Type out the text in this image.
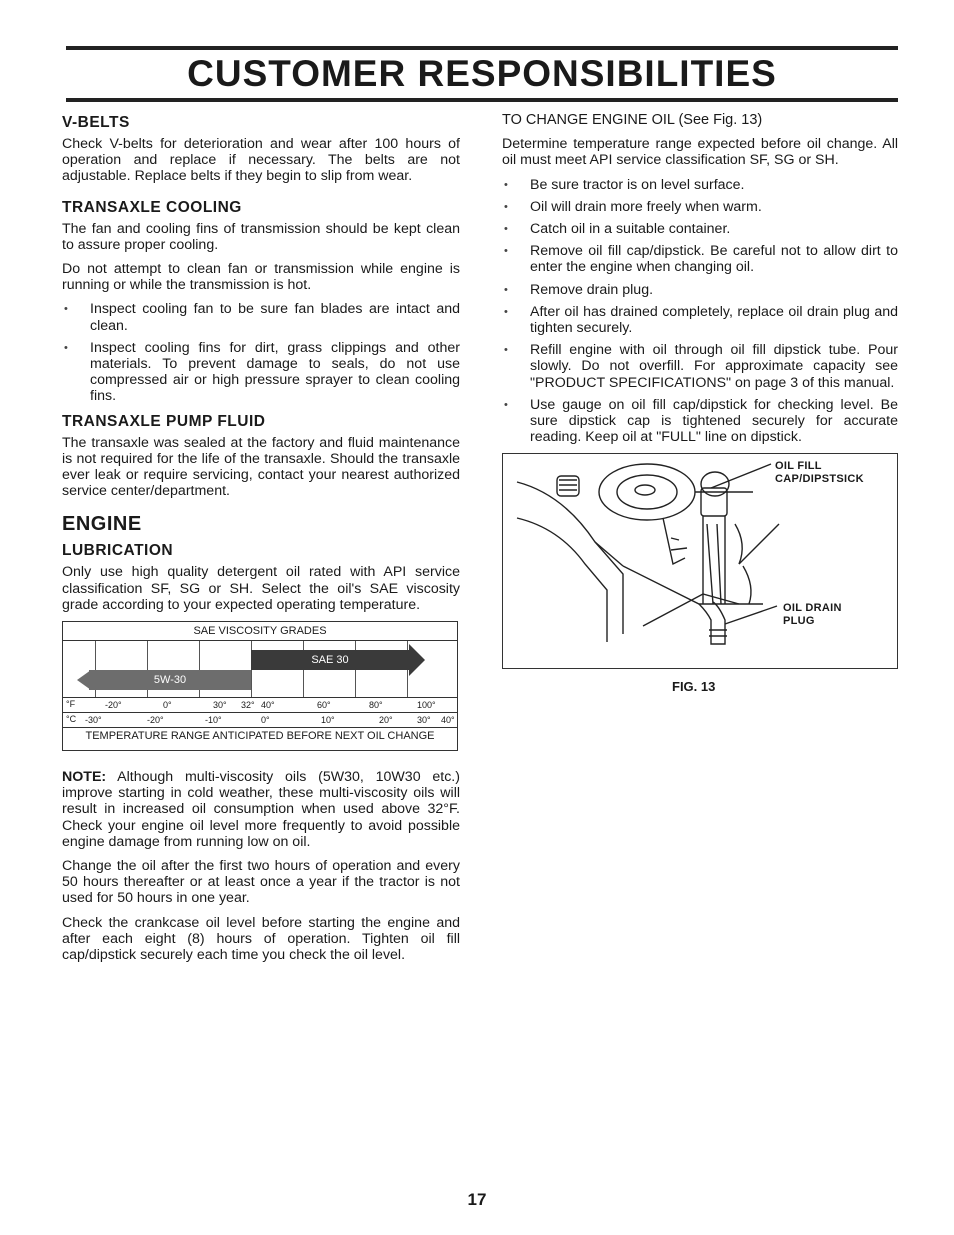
CUSTOMER RESPONSIBILITIES
V-BELTS

Check V-belts for deterioration and wear after 100 hours of operation and replace if necessary. The belts are not adjustable. Replace belts if they begin to slip from wear.

TRANSAXLE COOLING

The fan and cooling fins of transmission should be kept clean to assure proper cooling.

Do not attempt to clean fan or transmission while engine is running or while the transmission is hot.

• Inspect cooling fan to be sure fan blades are intact and clean.
• Inspect cooling fins for dirt, grass clippings and other materials. To prevent damage to seals, do not use compressed air or high pressure sprayer to clean cooling fins.
TRANSAXLE PUMP FLUID

The transaxle was sealed at the factory and fluid maintenance is not required for the life of the transaxle. Should the transaxle ever leak or require servicing, contact your nearest authorized service center/department.

ENGINE
LUBRICATION

Only use high quality detergent oil rated with API service classification SF, SG or SH. Select the oil's SAE viscosity grade according to your expected operating temperature.

SAE VISCOSITY GRADES
5W-30
SAE 30
°F	-20°	0°	30° 32° 40°	60°	80°	100°
°C -30°	-20°	-10°	0°	10°	20°	30° 40°
TEMPERATURE RANGE ANTICIPATED BEFORE NEXT OIL CHANGE

NOTE: Although multi-viscosity oils (5W30, 10W30 etc.) improve starting in cold weather, these multi-viscosity oils will result in increased oil consumption when used above 32°F. Check your engine oil level more frequently to avoid possible engine damage from running low on oil.

Change the oil after the first two hours of operation and every 50 hours thereafter or at least once a year if the tractor is not used for 50 hours in one year.

Check the crankcase oil level before starting the engine and after each eight (8) hours of operation. Tighten oil fill cap/dipstick securely each time you check the oil level.

TO CHANGE ENGINE OIL (See Fig. 13)

Determine temperature range expected before oil change. All oil must meet API service classification SF, SG or SH.

• Be sure tractor is on level surface.
• Oil will drain more freely when warm.
• Catch oil in a suitable container.
• Remove oil fill cap/dipstick. Be careful not to allow dirt to enter the engine when changing oil.
• Remove drain plug.
• After oil has drained completely, replace oil drain plug and tighten securely.
• Refill engine with oil through oil fill dipstick tube. Pour slowly. Do not overfill. For approximate capacity see "PRODUCT SPECIFICATIONS" on page 3 of this manual.
• Use gauge on oil fill cap/dipstick for checking level. Be sure dipstick cap is tightened securely for accurate reading. Keep oil at "FULL" line on dipstick.
OIL FILL
CAP/DIPSTSICK
OIL DRAIN
PLUG
FIG. 13
17
